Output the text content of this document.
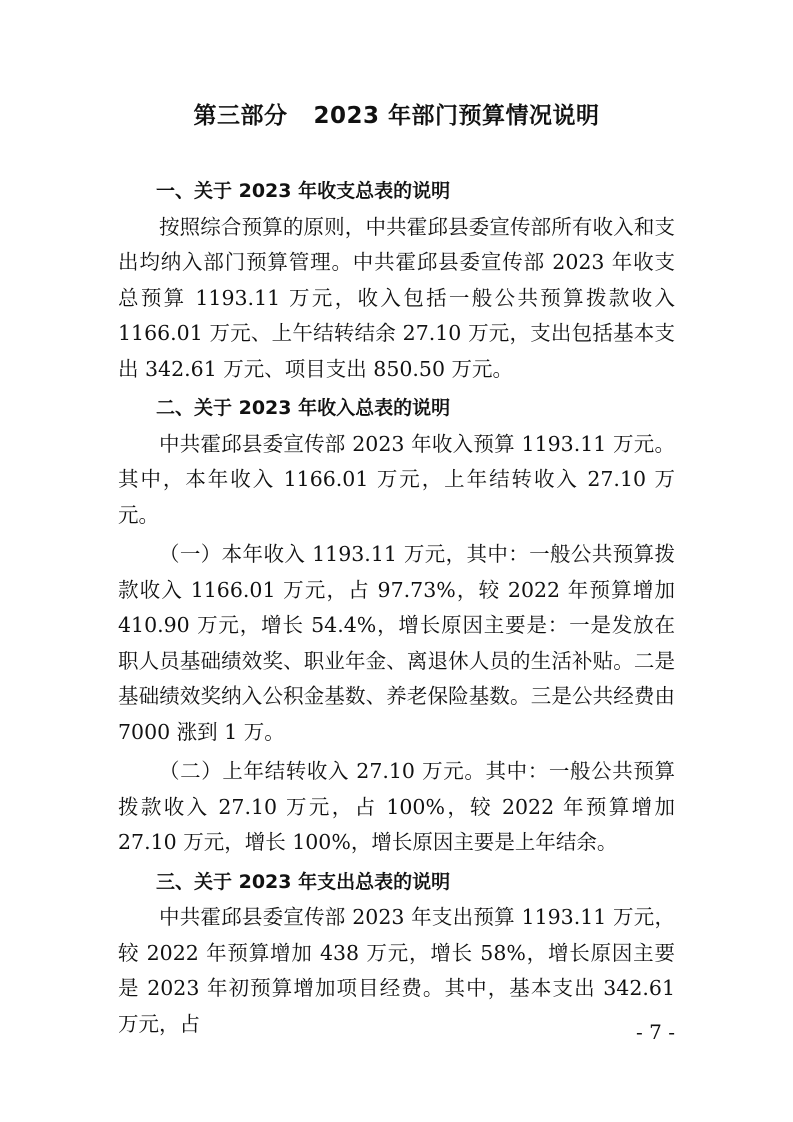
第三部分 2023 年部门预算情况说明
一、关于 2023 年收支总表的说明

按照综合预算的原则，中共霍邱县委宣传部所有收入和支出均纳入部门预算管理。中共霍邱县委宣传部 2023 年收支总预算 1193.11 万元，收入包括一般公共预算拨款收入 1166.01 万元、上午结转结余 27.10 万元，支出包括基本支出 342.61 万元、项目支出 850.50 万元。

二、关于 2023 年收入总表的说明

中共霍邱县委宣传部 2023 年收入预算 1193.11 万元。其中，本年收入 1166.01 万元，上年结转收入 27.10 万元。

（一）本年收入 1193.11 万元，其中：一般公共预算拨款收入 1166.01 万元，占 97.73%，较 2022 年预算增加 410.90 万元，增长 54.4%，增长原因主要是：一是发放在职人员基础绩效奖、职业年金、离退休人员的生活补贴。二是基础绩效奖纳入公积金基数、养老保险基数。三是公共经费由 7000 涨到 1 万。

（二）上年结转收入 27.10 万元。其中：一般公共预算拨款收入 27.10 万元，占 100%，较 2022 年预算增加 27.10 万元，增长 100%，增长原因主要是上年结余。

三、关于 2023 年支出总表的说明

中共霍邱县委宣传部 2023 年支出预算 1193.11 万元，较 2022 年预算增加 438 万元，增长 58%，增长原因主要是 2023 年初预算增加项目经费。其中，基本支出 342.61 万元，占	- 7 -
